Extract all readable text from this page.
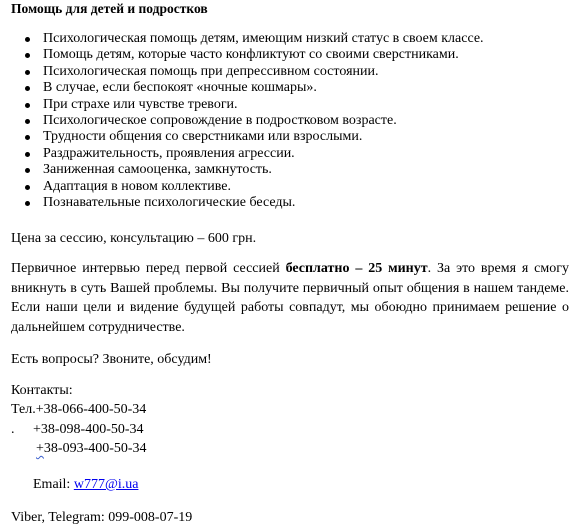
Помощь для детей и подростков
Психологическая помощь детям, имеющим низкий статус в своем классе.
Помощь детям, которые часто конфликтуют со своими сверстниками.
Психологическая помощь при депрессивном состоянии.
В случае, если беспокоят «ночные кошмары».
При страхе или чувстве тревоги.
Психологическое сопровождение в подростковом возрасте.
Трудности общения со сверстниками или взрослыми.
Раздражительность, проявления агрессии.
Заниженная самооценка, замкнутость.
Адаптация в новом коллективе.
Познавательные психологические беседы.
Цена за сессию, консультацию – 600 грн.
Первичное интервью перед первой сессией бесплатно – 25 минут. За это время я смогу вникнуть в суть Вашей проблемы. Вы получите первичный опыт общения в нашем тандеме. Если наши цели и видение будущей работы совпадут, мы обоюдно принимаем решение о дальнейшем сотрудничестве.
Есть вопросы? Звоните, обсудим!
Контакты:
Тел.+38-066-400-50-34
. +38-098-400-50-34
+38-093-400-50-34
Email: w777@i.ua
Viber, Telegram: 099-008-07-19
